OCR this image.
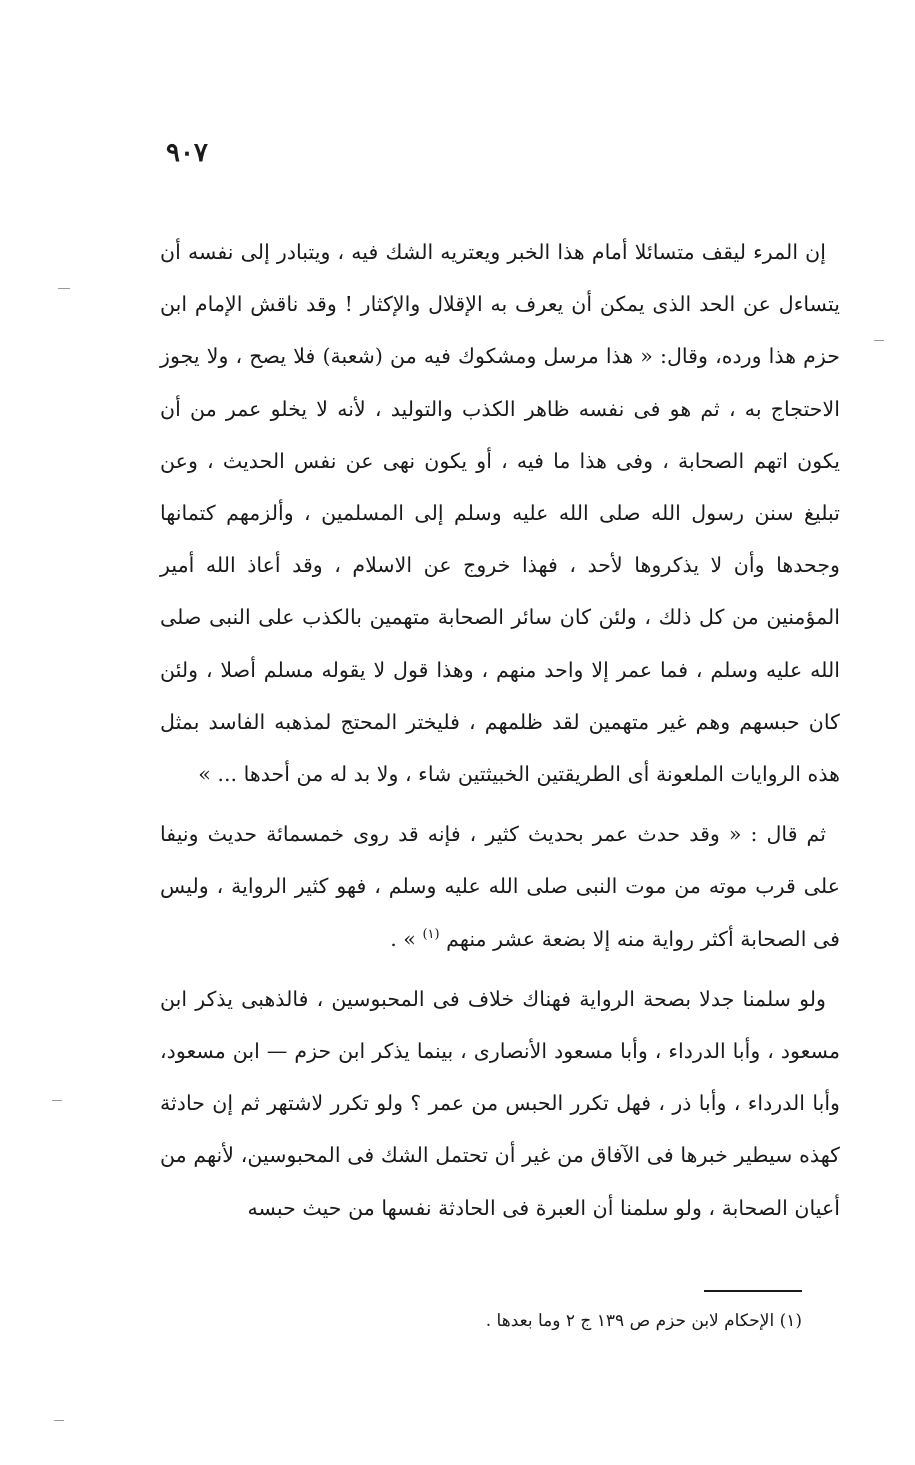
٩٠٧

إن المرء ليقف متسائلا أمام هذا الخبر ويعتريه الشك فيه ، ويتبادر إلى نفسه أن يتساءل عن الحد الذى يمكن أن يعرف به الإقلال والإكثار ! وقد ناقش الإمام ابن حزم هذا ورده، وقال: « هذا مرسل ومشكوك فيه من (شعبة) فلا يصح ، ولا يجوز الاحتجاج به ، ثم هو فى نفسه ظاهر الكذب والتوليد ، لأنه لا يخلو عمر من أن يكون اتهم الصحابة ، وفى هذا ما فيه ، أو يكون نهى عن نفس الحديث ، وعن تبليغ سنن رسول الله صلى الله عليه وسلم إلى المسلمين ، وألزمهم كتمانها وجحدها وأن لا يذكروها لأحد ، فهذا خروج عن الاسلام ، وقد أعاذ الله أمير المؤمنين من كل ذلك ، ولئن كان سائر الصحابة متهمين بالكذب على النبى صلى الله عليه وسلم ، فما عمر إلا واحد منهم ، وهذا قول لا يقوله مسلم أصلا ، ولئن كان حبسهم وهم غير متهمين لقد ظلمهم ، فليختر المحتج لمذهبه الفاسد بمثل هذه الروايات الملعونة أى الطريقتين الخبيثتين شاء ، ولا بد له من أحدها ... »

ثم قال : « وقد حدث عمر بحديث كثير ، فإنه قد روى خمسمائة حديث ونيفا على قرب موته من موت النبى صلى الله عليه وسلم ، فهو كثير الرواية ، وليس فى الصحابة أكثر رواية منه إلا بضعة عشر منهم $^{(١)}$ » .

ولو سلمنا جدلا بصحة الرواية فهناك خلاف فى المحبوسين ، فالذهبى يذكر ابن مسعود ، وأبا الدرداء ، وأبا مسعود الأنصارى ، بينما يذكر ابن حزم — ابن مسعود، وأبا الدرداء ، وأبا ذر ، فهل تكرر الحبس من عمر ؟ ولو تكرر لاشتهر ثم إن حادثة كهذه سيطير خبرها فى الآفاق من غير أن تحتمل الشك فى المحبوسين، لأنهم من أعيان الصحابة ، ولو سلمنا أن العبرة فى الحادثة نفسها من حيث حبسه

(١) الإحكام لابن حزم ص ١٣٩ ج ٢ وما بعدها .
